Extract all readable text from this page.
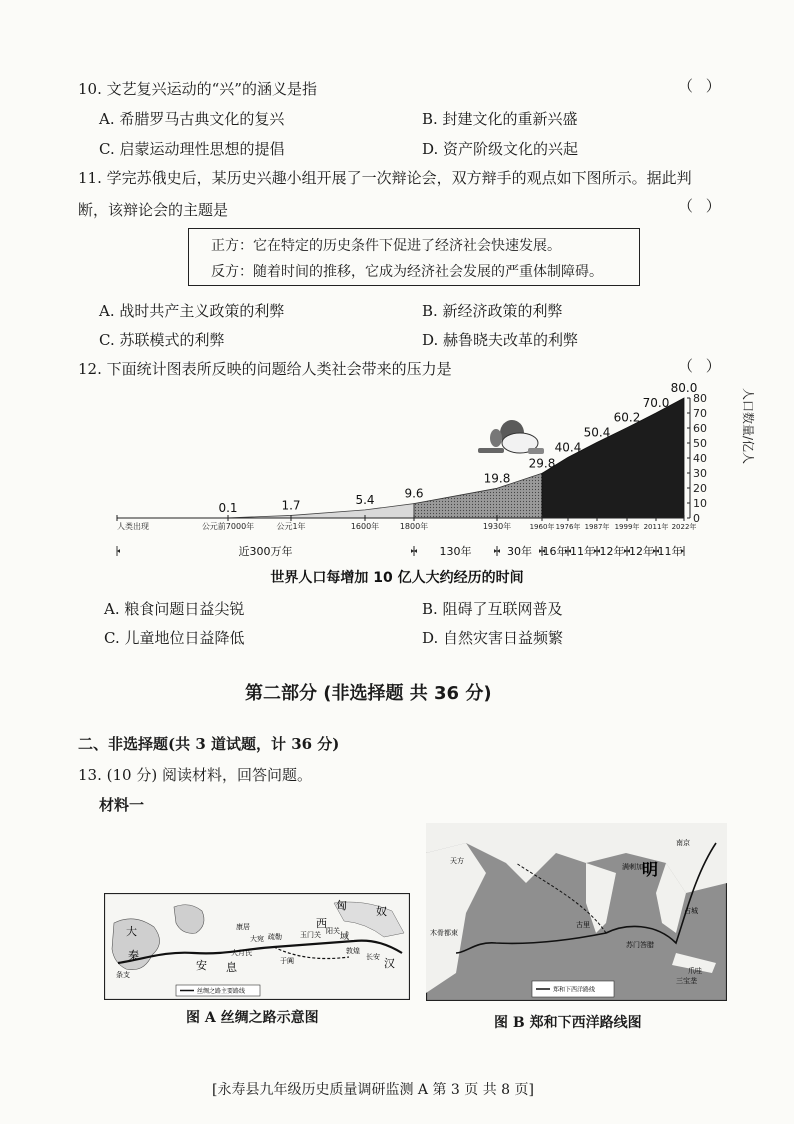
10. 文艺复兴运动的“兴”的涵义是指	（ ）
A. 希腊罗马古典文化的复兴	B. 封建文化的重新兴盛
C. 启蒙运动理性思想的提倡	D. 资产阶级文化的兴起
11. 学完苏俄史后，某历史兴趣小组开展了一次辩论会，双方辩手的观点如下图所示。据此判
断，该辩论会的主题是	（ ）
正方：它在特定的历史条件下促进了经济社会快速发展。
反方：随着时间的推移，它成为经济社会发展的严重体制障碍。
A. 战时共产主义政策的利弊	B. 新经济政策的利弊
C. 苏联模式的利弊	D. 赫鲁晓夫改革的利弊
12. 下面统计图表所反映的问题给人类社会带来的压力是	（ ）
0
10
20
30
40
50
60
70
80
人类出现	公元前7000年	公元1年	1600年	1800年	1930年	1960年 1976年 1987年 1999年 2011年 2022年
近300万年	130年	30年 16年 11年 12年 12年 11年
0.1	1.7	5.4 9.6
19.8
29.8
40.4
50.4
60.2
70.0
80.0	人口数量/亿人
世界人口每增加 10 亿人大约经历的时间
A. 粮食问题日益尖锐	B. 阻碍了互联网普及
C. 儿童地位日益降低	D. 自然灾害日益频繁
第二部分 (非选择题 共 36 分)
二、非选择题(共 3 道试题，计 36 分)
13. (10 分) 阅读材料，回答问题。
材料一
大
秦
安 息
大月氏
匈	奴
西
域
汉
敦煌
阳关
玉门关
于阗
疏勒
康居
大宛
长安
条支
丝绸之路主要路线
图 A 丝绸之路示意图
明
南京
天方
木骨都束
古里
满剌加
苏门答腊
爪哇
三宝垄
占城
郑和下西洋路线
图 B 郑和下西洋路线图
[永寿县九年级历史质量调研监测 A 第 3 页 共 8 页]
